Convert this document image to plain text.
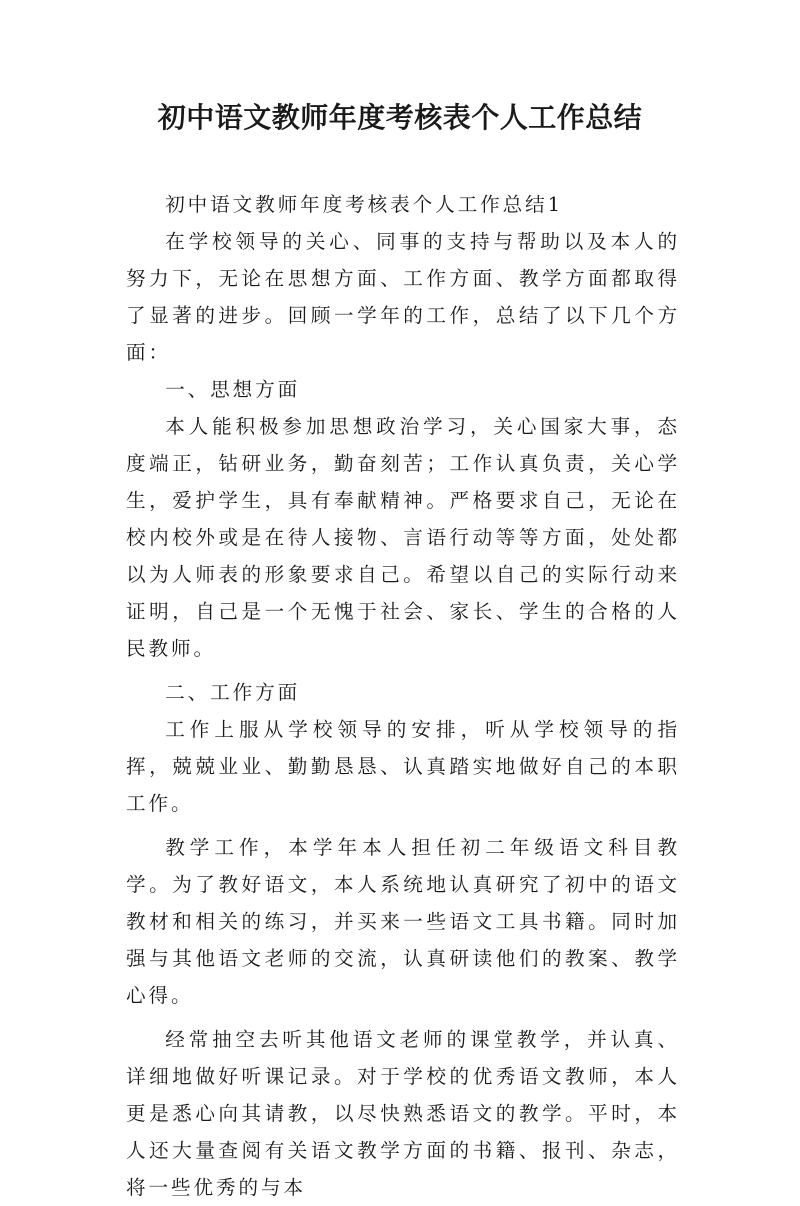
初中语文教师年度考核表个人工作总结

初中语文教师年度考核表个人工作总结1

在学校领导的关心、同事的支持与帮助以及本人的努力下，无论在思想方面、工作方面、教学方面都取得了显著的进步。回顾一学年的工作，总结了以下几个方面：

一、思想方面

本人能积极参加思想政治学习，关心国家大事，态度端正，钻研业务，勤奋刻苦；工作认真负责，关心学生，爱护学生，具有奉献精神。严格要求自己，无论在校内校外或是在待人接物、言语行动等等方面，处处都以为人师表的形象要求自己。希望以自己的实际行动来证明，自己是一个无愧于社会、家长、学生的合格的人民教师。

二、工作方面

工作上服从学校领导的安排，听从学校领导的指挥，兢兢业业、勤勤恳恳、认真踏实地做好自己的本职工作。

教学工作，本学年本人担任初二年级语文科目教学。为了教好语文，本人系统地认真研究了初中的语文教材和相关的练习，并买来一些语文工具书籍。同时加强与其他语文老师的交流，认真研读他们的教案、教学心得。

经常抽空去听其他语文老师的课堂教学，并认真、详细地做好听课记录。对于学校的优秀语文教师，本人更是悉心向其请教，以尽快熟悉语文的教学。平时，本人还大量查阅有关语文教学方面的书籍、报刊、杂志，将一些优秀的与本
